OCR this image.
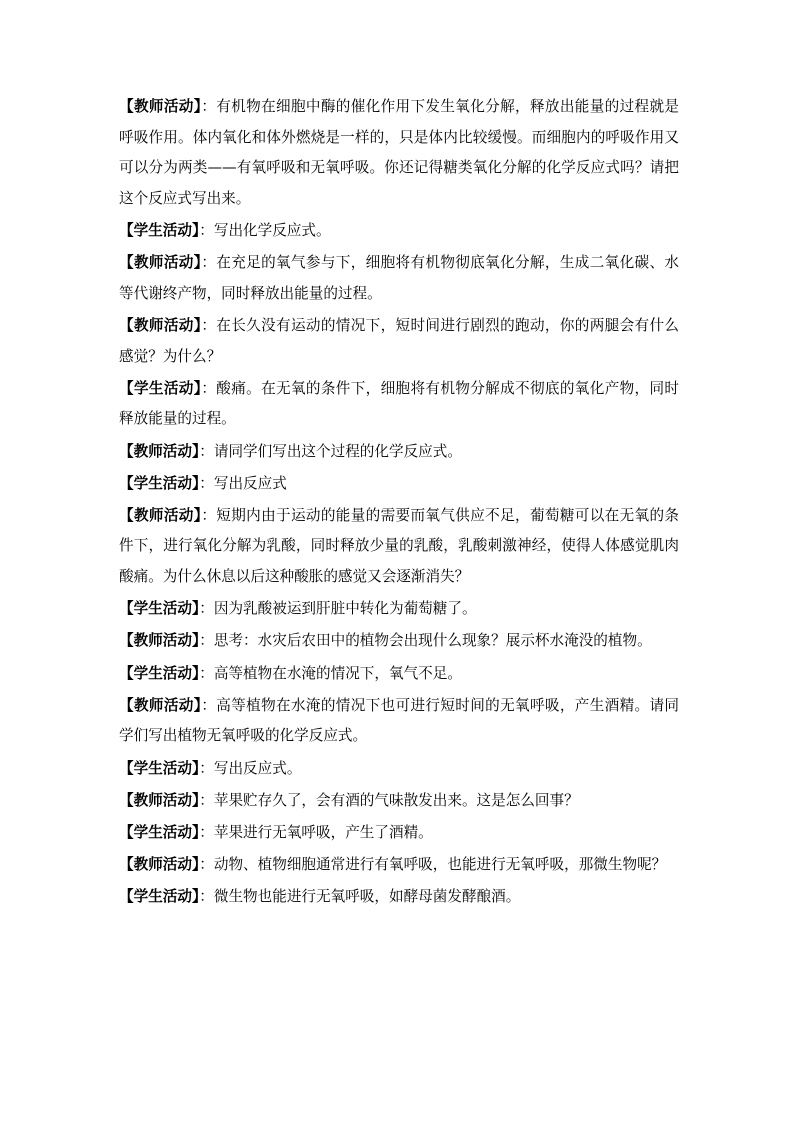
【教师活动】：有机物在细胞中酶的催化作用下发生氧化分解，释放出能量的过程就是呼吸作用。体内氧化和体外燃烧是一样的，只是体内比较缓慢。而细胞内的呼吸作用又可以分为两类——有氧呼吸和无氧呼吸。你还记得糖类氧化分解的化学反应式吗？请把这个反应式写出来。

【学生活动】：写出化学反应式。

【教师活动】：在充足的氧气参与下，细胞将有机物彻底氧化分解，生成二氧化碳、水等代谢终产物，同时释放出能量的过程。

【教师活动】：在长久没有运动的情况下，短时间进行剧烈的跑动，你的两腿会有什么感觉？为什么？

【学生活动】：酸痛。在无氧的条件下，细胞将有机物分解成不彻底的氧化产物，同时释放能量的过程。

【教师活动】：请同学们写出这个过程的化学反应式。

【学生活动】：写出反应式

【教师活动】：短期内由于运动的能量的需要而氧气供应不足，葡萄糖可以在无氧的条件下，进行氧化分解为乳酸，同时释放少量的乳酸，乳酸刺激神经，使得人体感觉肌肉酸痛。为什么休息以后这种酸胀的感觉又会逐渐消失？

【学生活动】：因为乳酸被运到肝脏中转化为葡萄糖了。

【教师活动】：思考：水灾后农田中的植物会出现什么现象？展示杯水淹没的植物。

【学生活动】：高等植物在水淹的情况下，氧气不足。

【教师活动】：高等植物在水淹的情况下也可进行短时间的无氧呼吸，产生酒精。请同学们写出植物无氧呼吸的化学反应式。

【学生活动】：写出反应式。

【教师活动】：苹果贮存久了，会有酒的气味散发出来。这是怎么回事？

【学生活动】：苹果进行无氧呼吸，产生了酒精。

【教师活动】：动物、植物细胞通常进行有氧呼吸，也能进行无氧呼吸，那微生物呢？

【学生活动】：微生物也能进行无氧呼吸，如酵母菌发酵酿酒。
